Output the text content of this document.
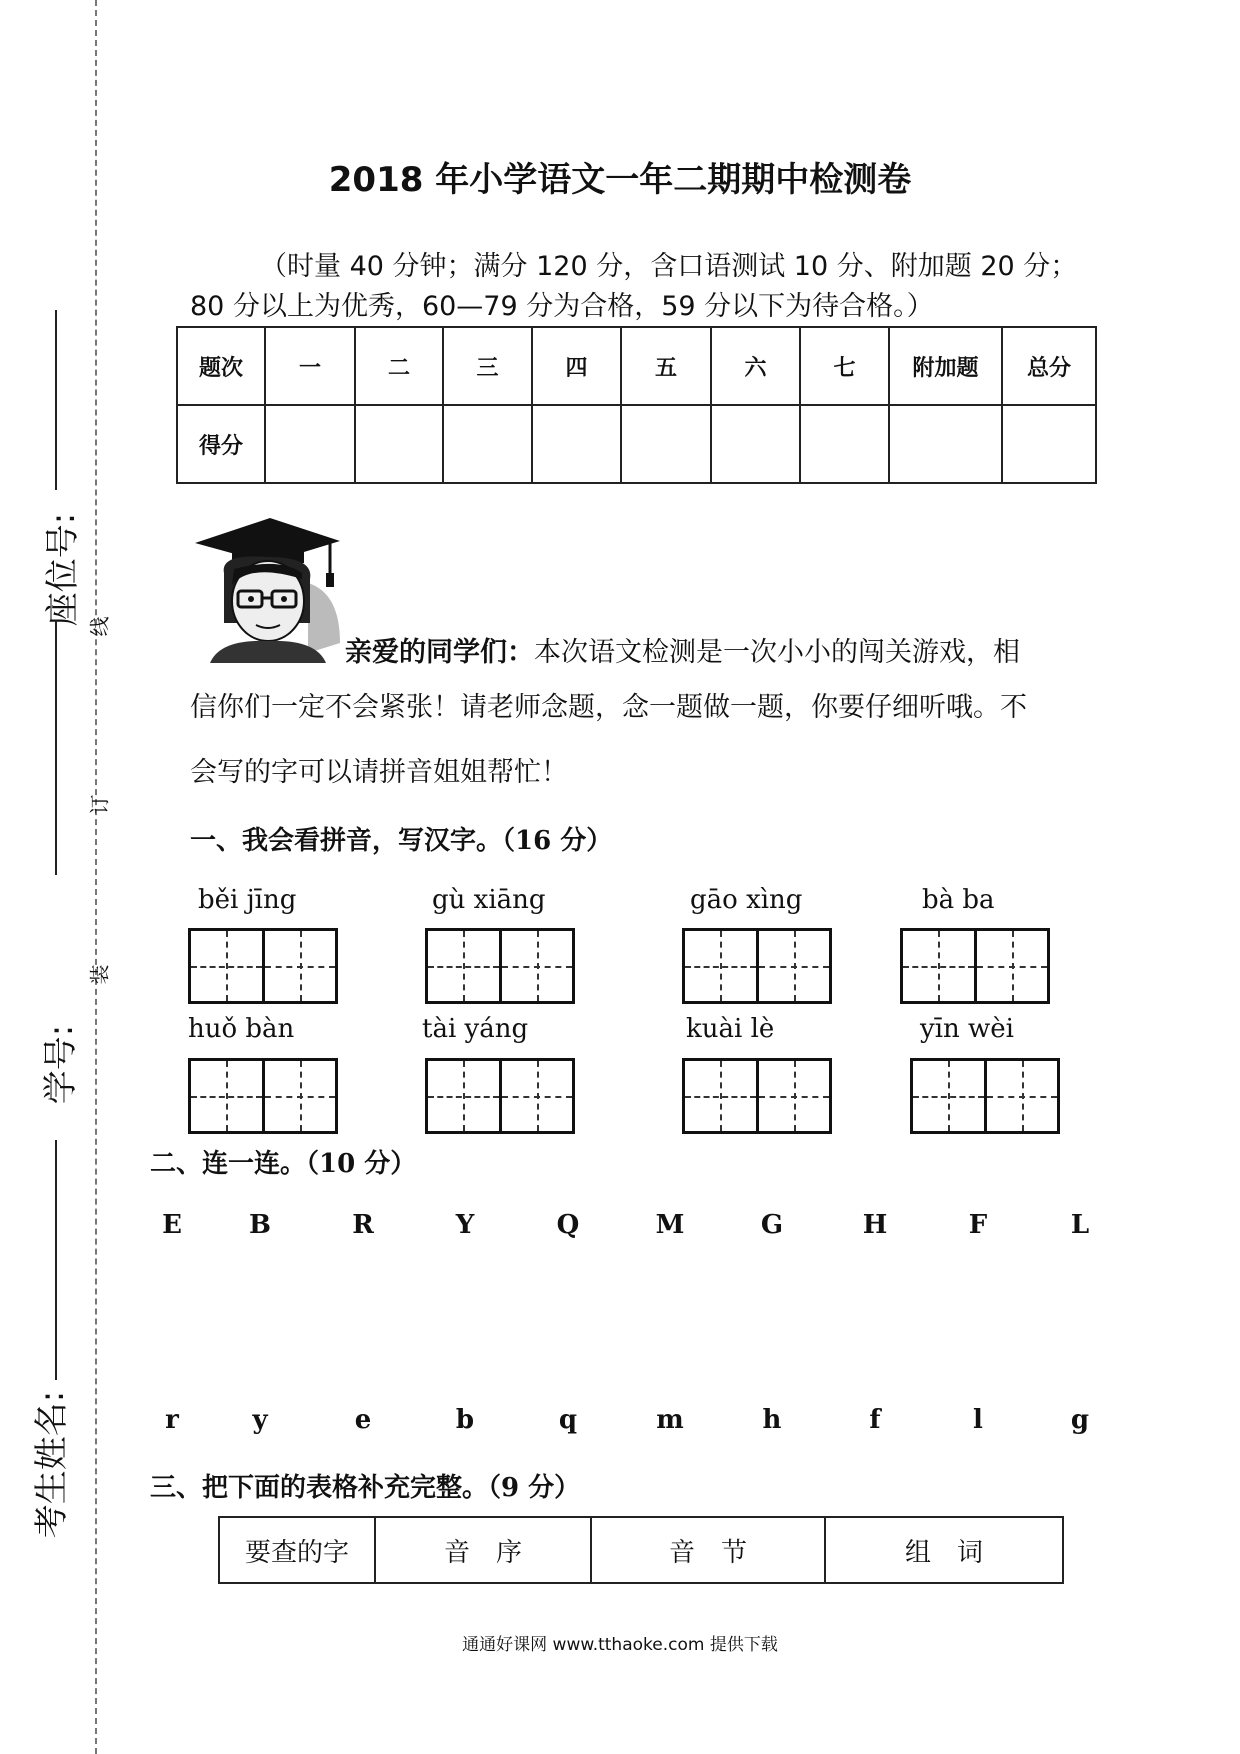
座位号:
学号:
考生姓名:
线
订
装
2018 年小学语文一年二期期中检测卷
（时量 40 分钟；满分 120 分，含口语测试 10 分、附加题 20 分；
80 分以上为优秀，60—79 分为合格，59 分以下为待合格。）
题次	一	二	三	四	五	六	七	附加题	总分
得分									
亲爱的同学们：本次语文检测是一次小小的闯关游戏，相
信你们一定不会紧张！请老师念题，念一题做一题，你要仔细听哦。不
会写的字可以请拼音姐姐帮忙！
一、我会看拼音，写汉字。（16 分）
běi jīng	gù xiāng	gāo xìng	bà ba
huǒ bàn	tài yáng	kuài lè	yīn wèi
二、连一连。（10 分）
E	B	R	Y	Q	M	G	H	F	L
r	y	e	b	q	m	h	f	l	g
三、把下面的表格补充完整。（9 分）
要查的字	音　序	音　节	组　词
通通好课网 www.tthaoke.com 提供下载
